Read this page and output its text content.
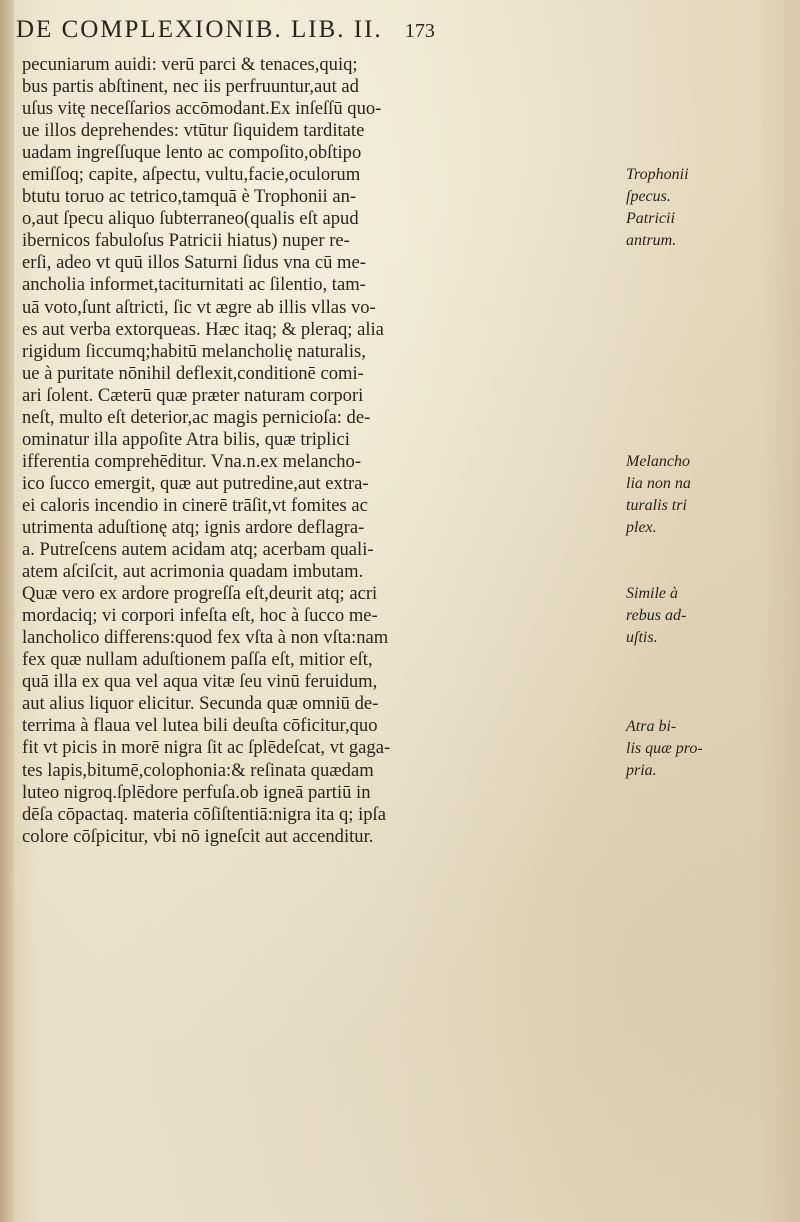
DE COMPLEXIONIB. LIB. II. 173
pecuniarum auidi: verū parci & tenaces,quiq;
bus partis abſtinent, nec iis perfruuntur,aut ad
uſus vitę neceſſarios accōmodant.Ex inſeſſū quo-
ue illos deprehendes: vtūtur ſiquidem tarditate
uadam ingreſſuque lento ac compoſito,obſtipo
emiſſoq; capite, aſpectu, vultu,facie,oculorum
btutu toruo ac tetrico,tamquā è Trophonii an-
o,aut ſpecu aliquo ſubterraneo(qualis eſt apud
ibernicos fabuloſus Patricii hiatus) nuper re-
erſi, adeo vt quū illos Saturni ſidus vna cū me-
ancholia informet,taciturnitati ac ſilentio, tam-
uā voto,ſunt aſtricti, ſic vt ægre ab illis vllas vo-
es aut verba extorqueas. Hæc itaq; & pleraq; alia
rigidum ſiccumq;habitū melancholię naturalis,
ue à puritate nōnihil deflexit,conditionē comi-
ari ſolent. Cæterū quæ præter naturam corpori
neſt, multo eſt deterior,ac magis pernicioſa: de-
ominatur illa appoſite Atra bilis, quæ triplici
ifferentia comprehēditur. Vna.n.ex melancho-
ico ſucco emergit, quæ aut putredine,aut extra-
ei caloris incendio in cinerē trāſit,vt fomites ac
utrimenta aduſtionę atq; ignis ardore deflagra-
a. Putreſcens autem acidam atq; acerbam quali-
atem aſciſcit, aut acrimonia quadam imbutam.
Quæ vero ex ardore progreſſa eſt,deurit atq; acri
mordaciq; vi corpori infeſta eſt, hoc à ſucco me-
lancholico differens:quod fex vſta à non vſta:nam
fex quæ nullam aduſtionem paſſa eſt, mitior eſt,
quā illa ex qua vel aqua vitæ ſeu vinū feruidum,
aut alius liquor elicitur. Secunda quæ omniū de-
terrima à flaua vel lutea bili deuſta cōficitur,quo
fit vt picis in morē nigra ſit ac ſplēdeſcat, vt gaga-
tes lapis,bitumē,colophonia:& reſinata quædam
luteo nigroq.ſplēdore perfuſa.ob igneā partiū in
dēſa cōpactaq. materia cōſiſtentiā:nigra ita q; ipſa
colore cōſpicitur, vbi nō igneſcit aut accenditur.
Trophonii
ſpecus.
Patricii
antrum.
Melancho
lia non na
turalis tri
plex.
Simile à
rebus ad-
uſtis.
Atra bi-
lis quæ pro-
pria.
